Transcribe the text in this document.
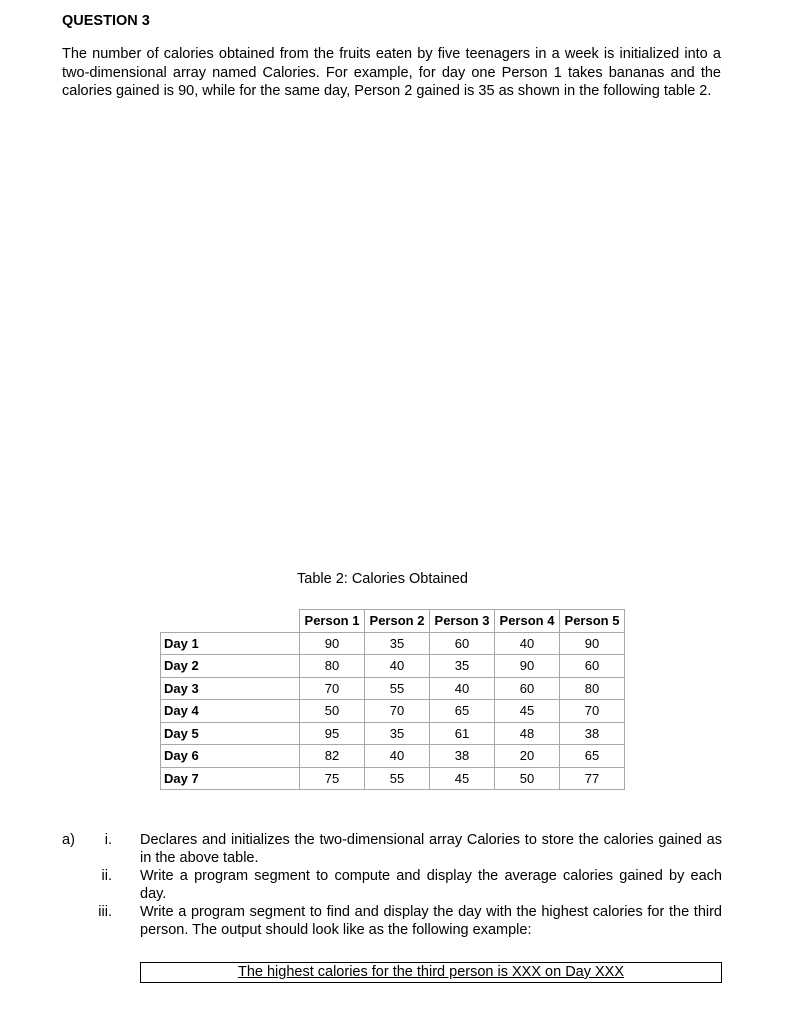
QUESTION 3

The number of calories obtained from the fruits eaten by five teenagers in a week is initialized into a two-dimensional array named Calories. For example, for day one Person 1 takes bananas and the calories gained is 90, while for the same day, Person 2 gained is 35 as shown in the following table 2.

Table 2: Calories Obtained

	Person 1	Person 2	Person 3	Person 4	Person 5
Day 1	90	35	60	40	90
Day 2	80	40	35	90	60
Day 3	70	55	40	60	80
Day 4	50	70	65	45	70
Day 5	95	35	61	48	38
Day 6	82	40	38	20	65
Day 7	75	55	45	50	77
a)	i. Declares and initializes the two-dimensional array Calories to store the calories gained as in the above table.
ii. Write a program segment to compute and display the average calories gained by each day.
iii. Write a program segment to find and display the day with the highest calories for the third person. The output should look like as the following example:
The highest calories for the third person is XXX on Day XXX
